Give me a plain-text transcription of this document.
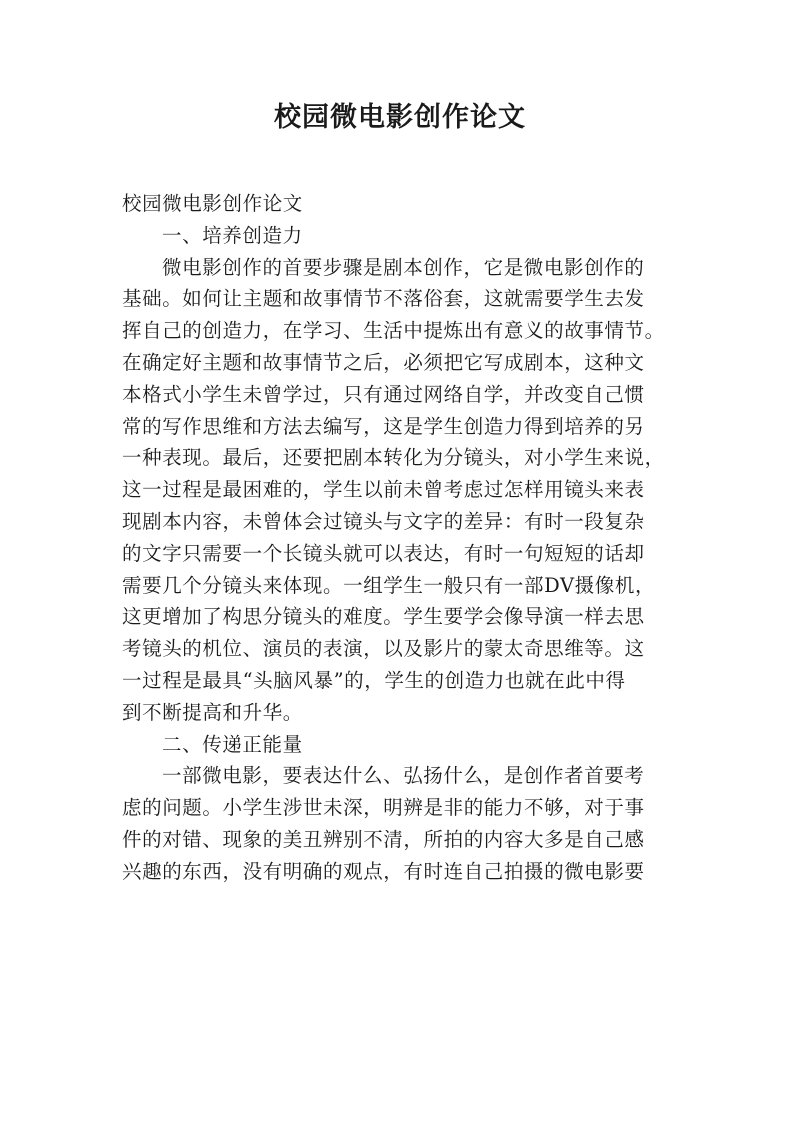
校园微电影创作论文
校园微电影创作论文
一、培养创造力
微电影创作的首要步骤是剧本创作，它是微电影创作的
基础。如何让主题和故事情节不落俗套，这就需要学生去发
挥自己的创造力，在学习、生活中提炼出有意义的故事情节。
在确定好主题和故事情节之后，必须把它写成剧本，这种文
本格式小学生未曾学过，只有通过网络自学，并改变自己惯
常的写作思维和方法去编写，这是学生创造力得到培养的另
一种表现。最后，还要把剧本转化为分镜头，对小学生来说，
这一过程是最困难的，学生以前未曾考虑过怎样用镜头来表
现剧本内容，未曾体会过镜头与文字的差异：有时一段复杂
的文字只需要一个长镜头就可以表达，有时一句短短的话却
需要几个分镜头来体现。一组学生一般只有一部DV摄像机，
这更增加了构思分镜头的难度。学生要学会像导演一样去思
考镜头的机位、演员的表演，以及影片的蒙太奇思维等。这
一过程是最具“头脑风暴”的，学生的创造力也就在此中得
到不断提高和升华。
二、传递正能量
一部微电影，要表达什么、弘扬什么，是创作者首要考
虑的问题。小学生涉世未深，明辨是非的能力不够，对于事
件的对错、现象的美丑辨别不清，所拍的内容大多是自己感
兴趣的东西，没有明确的观点，有时连自己拍摄的微电影要
